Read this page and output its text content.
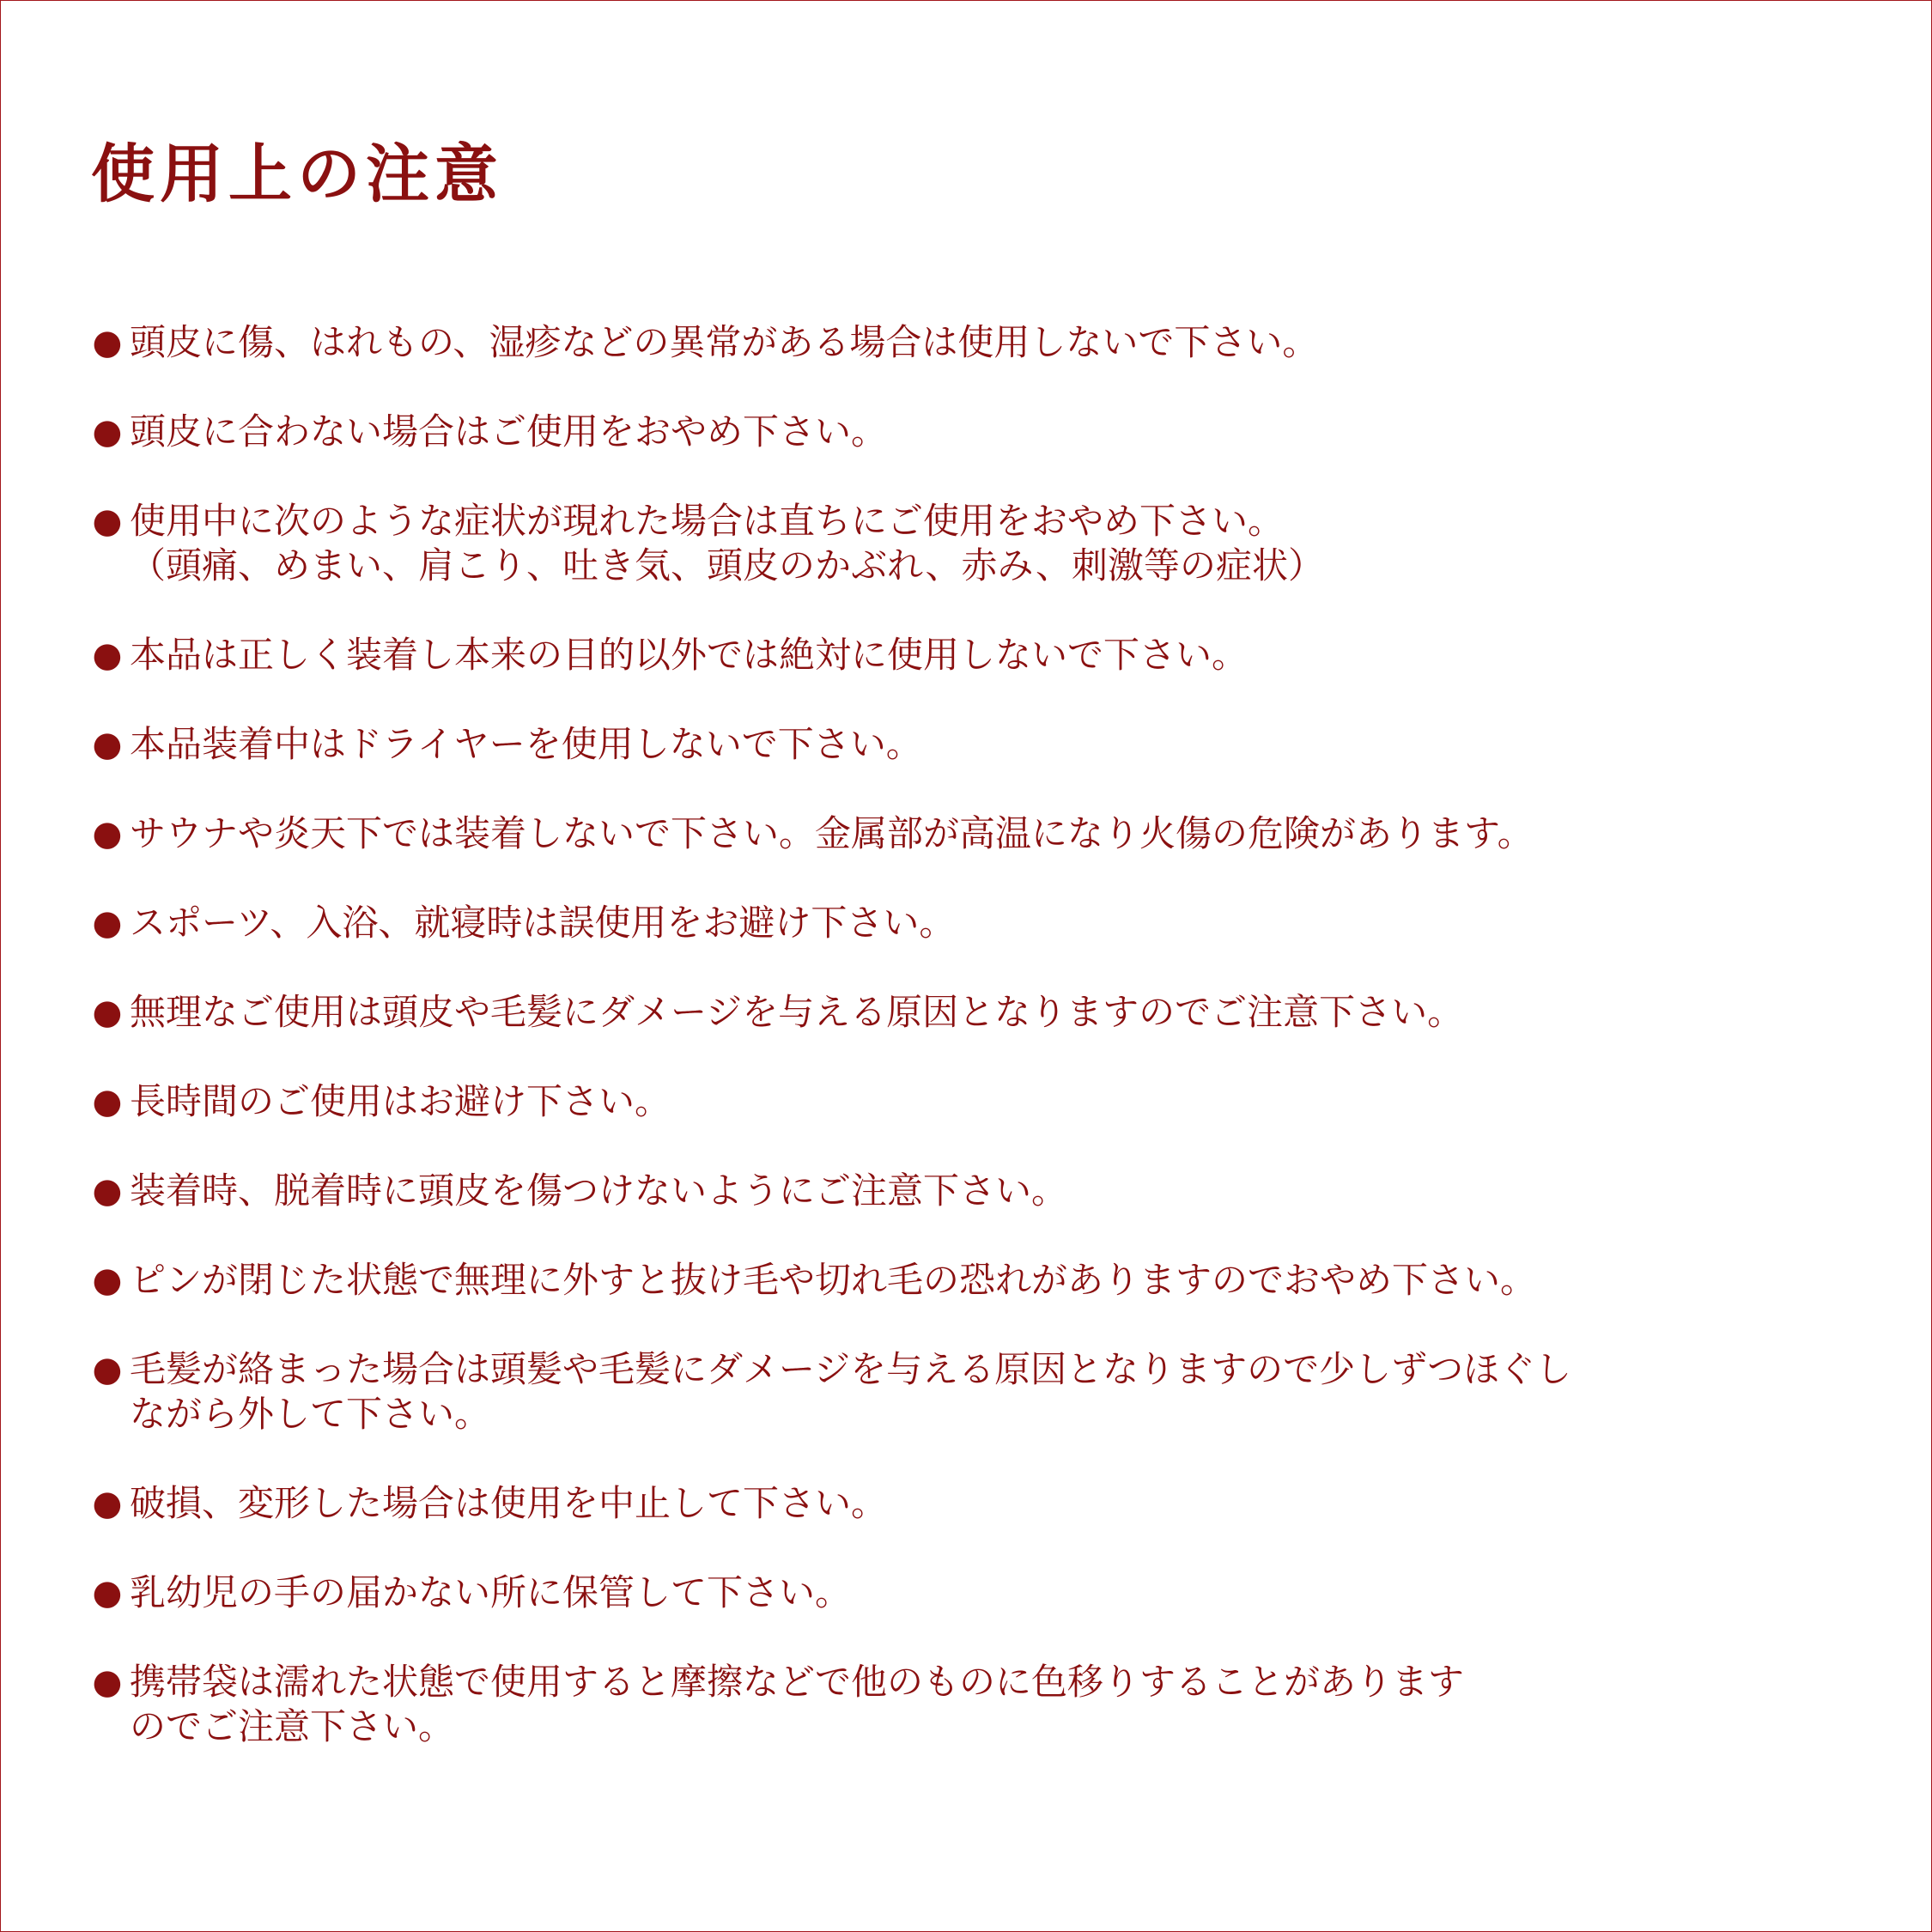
使用上の注意
● 頭皮に傷、はれもの、湿疹などの異常がある場合は使用しないで下さい。
● 頭皮に合わない場合はご使用をおやめ下さい。
● 使用中に次のような症状が現れた場合は直ちにご使用をおやめ下さい。
（頭痛、めまい、肩こり、吐き気、頭皮のかぶれ、赤み、刺激等の症状）
● 本品は正しく装着し本来の目的以外では絶対に使用しないで下さい。
● 本品装着中はドライヤーを使用しないで下さい。
● サウナや炎天下では装着しないで下さい。金属部が高温になり火傷の危険があります。
● スポーツ、入浴、就寝時は誤使用をお避け下さい。
● 無理なご使用は頭皮や毛髪にダメージを与える原因となりますのでご注意下さい。
● 長時間のご使用はお避け下さい。
● 装着時、脱着時に頭皮を傷つけないようにご注意下さい。
● ピンが閉じた状態で無理に外すと抜け毛や切れ毛の恐れがありますのでおやめ下さい。
● 毛髪が絡まった場合は頭髪や毛髪にダメージを与える原因となりますので少しずつほぐし
ながら外して下さい。
● 破損、変形した場合は使用を中止して下さい。
● 乳幼児の手の届かない所に保管して下さい。
● 携帯袋は濡れた状態で使用すると摩擦などで他のものに色移りすることがあります
のでご注意下さい。
